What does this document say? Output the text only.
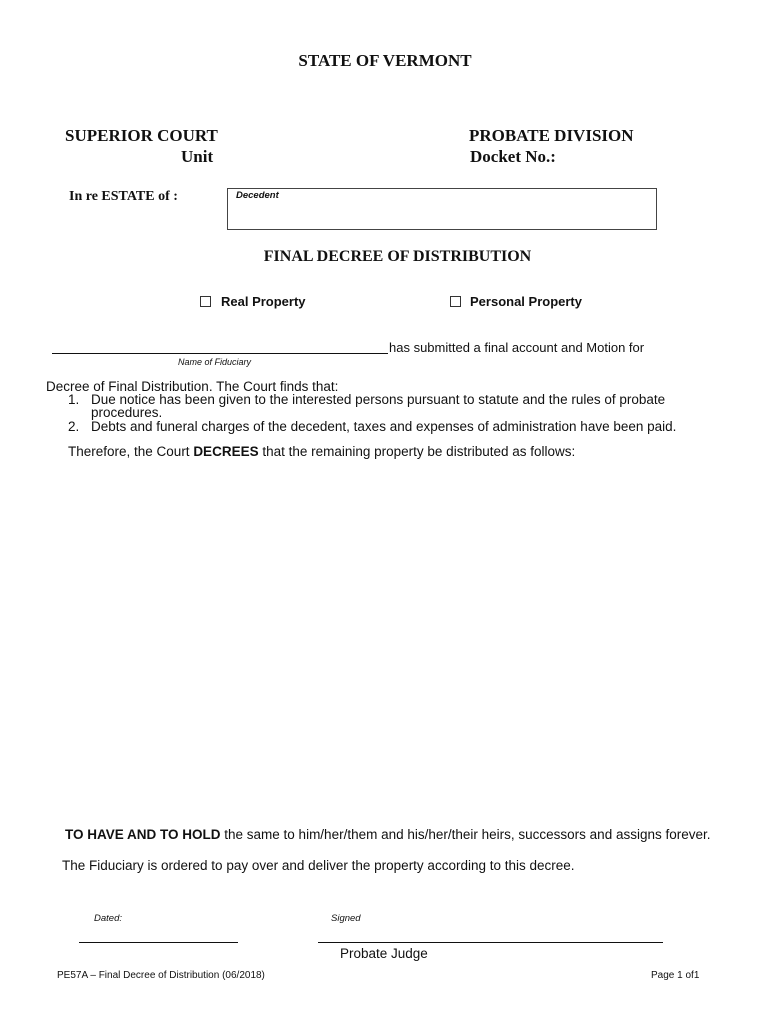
STATE OF VERMONT
SUPERIOR COURT
Unit
PROBATE DIVISION
Docket No.:
In re ESTATE of :	Decedent
FINAL DECREE OF DISTRIBUTION
Real Property	Personal Property
has submitted a final account and Motion for
Name of Fiduciary
Decree of Final Distribution. The Court finds that:
1. Due notice has been given to the interested persons pursuant to statute and the rules of probate
procedures.
2. Debts and funeral charges of the decedent, taxes and expenses of administration have been paid.
Therefore, the Court DECREES that the remaining property be distributed as follows:
TO HAVE AND TO HOLD the same to him/her/them and his/her/their heirs, successors and assigns forever.
The Fiduciary is ordered to pay over and deliver the property according to this decree.
Dated:	Signed
Probate Judge
PE57A – Final Decree of Distribution (06/2018)	Page 1 of1
